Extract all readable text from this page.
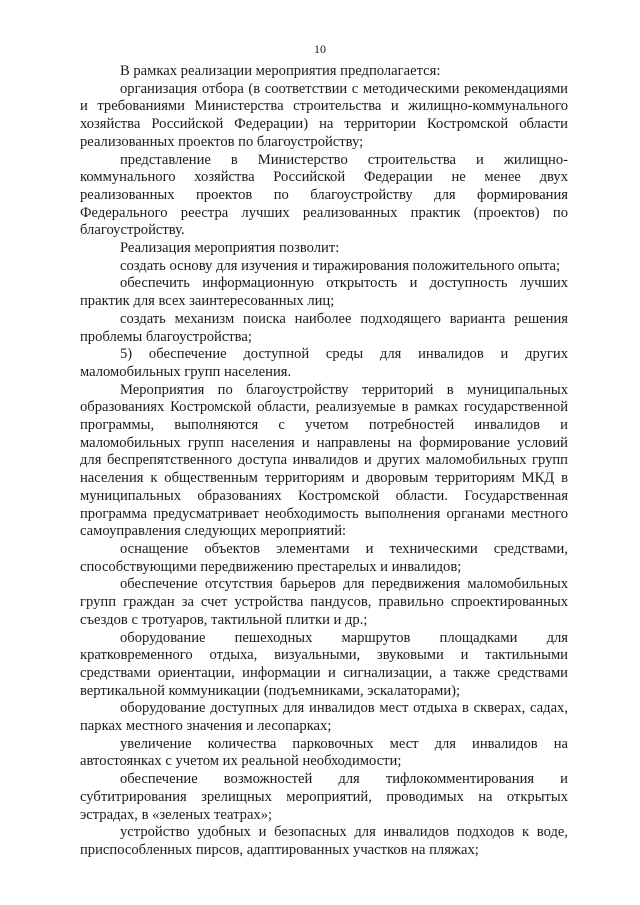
10

В рамках реализации мероприятия предполагается:

организация отбора (в соответствии с методическими рекомендациями и требованиями Министерства строительства и жилищно-коммунального хозяйства Российской Федерации) на территории Костромской области реализованных проектов по благоустройству;

представление в Министерство строительства и жилищно-коммунального хозяйства Российской Федерации не менее двух реализованных проектов по благоустройству для формирования Федерального реестра лучших реализованных практик (проектов) по благоустройству.

Реализация мероприятия позволит:

создать основу для изучения и тиражирования положительного опыта;

обеспечить информационную открытость и доступность лучших практик для всех заинтересованных лиц;

создать механизм поиска наиболее подходящего варианта решения проблемы благоустройства;

5) обеспечение доступной среды для инвалидов и других маломобильных групп населения.

Мероприятия по благоустройству территорий в муниципальных образованиях Костромской области, реализуемые в рамках государственной программы, выполняются с учетом потребностей инвалидов и маломобильных групп населения и направлены на формирование условий для беспрепятственного доступа инвалидов и других маломобильных групп населения к общественным территориям и дворовым территориям МКД в муниципальных образованиях Костромской области. Государственная программа предусматривает необходимость выполнения органами местного самоуправления следующих мероприятий:

оснащение объектов элементами и техническими средствами, способствующими передвижению престарелых и инвалидов;

обеспечение отсутствия барьеров для передвижения маломобильных групп граждан за счет устройства пандусов, правильно спроектированных съездов с тротуаров, тактильной плитки и др.;

оборудование пешеходных маршрутов площадками для кратковременного отдыха, визуальными, звуковыми и тактильными средствами ориентации, информации и сигнализации, а также средствами вертикальной коммуникации (подъемниками, эскалаторами);

оборудование доступных для инвалидов мест отдыха в скверах, садах, парках местного значения и лесопарках;

увеличение количества парковочных мест для инвалидов на автостоянках с учетом их реальной необходимости;

обеспечение возможностей для тифлокомментирования и субтитрирования зрелищных мероприятий, проводимых на открытых эстрадах, в «зеленых театрах»;

устройство удобных и безопасных для инвалидов подходов к воде, приспособленных пирсов, адаптированных участков на пляжах;
